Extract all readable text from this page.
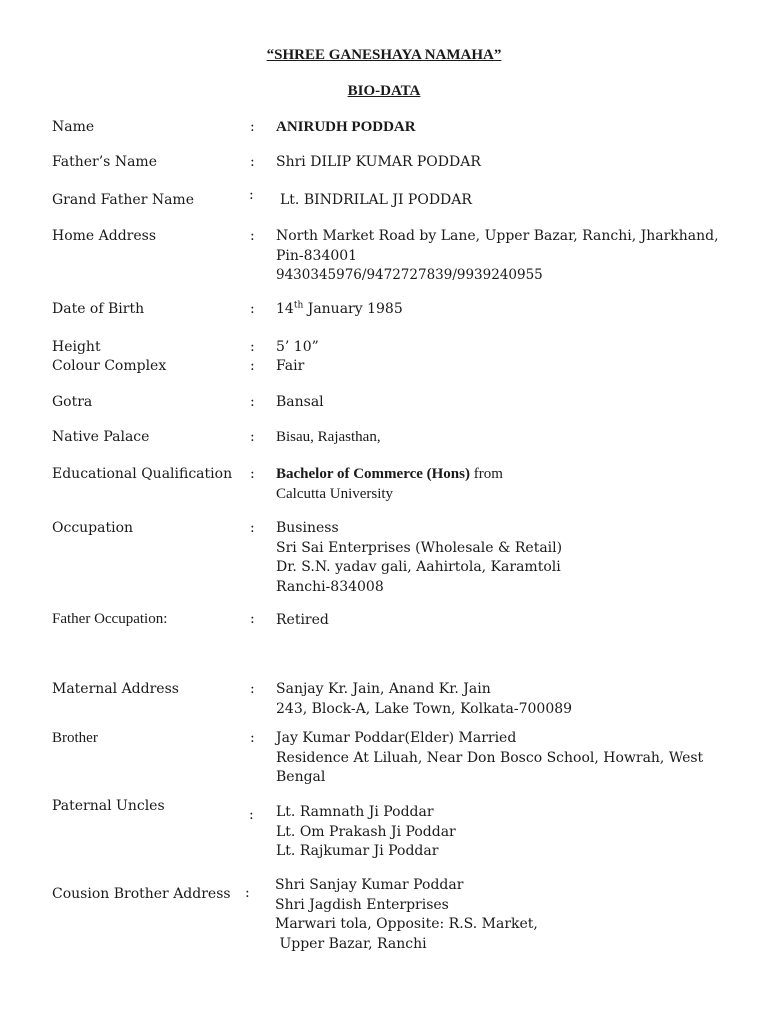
“SHREE GANESHAYA NAMAHA”
BIO-DATA
Name	: ANIRUDH PODDAR
Father’s Name	: Shri DILIP KUMAR PODDAR
Grand Father Name	: Lt. BINDRILAL JI PODDAR
Home Address	: North Market Road by Lane, Upper Bazar, Ranchi, Jharkhand,
Pin-834001
9430345976/9472727839/9939240955
Date of Birth	: 14th January 1985
Height	: 5’ 10”
Colour Complex	: Fair
Gotra	: Bansal
Native Palace	: Bisau, Rajasthan,
Educational Qualification : Bachelor of Commerce (Hons) from
Calcutta University
Occupation	: Business
Sri Sai Enterprises (Wholesale & Retail)
Dr. S.N. yadav gali, Aahirtola, Karamtoli
Ranchi-834008
Father Occupation:	: Retired
Maternal Address	: Sanjay Kr. Jain, Anand Kr. Jain
243, Block-A, Lake Town, Kolkata-700089
Brother	: Jay Kumar Poddar(Elder) Married
Residence At Liluah, Near Don Bosco School, Howrah, West
Bengal
Paternal Uncles
: Lt. Ramnath Ji Poddar
Lt. Om Prakash Ji Poddar
Lt. Rajkumar Ji Poddar
Cousion Brother Address : Shri Sanjay Kumar Poddar
Shri Jagdish Enterprises
Marwari tola, Opposite: R.S. Market,
Upper Bazar, Ranchi
